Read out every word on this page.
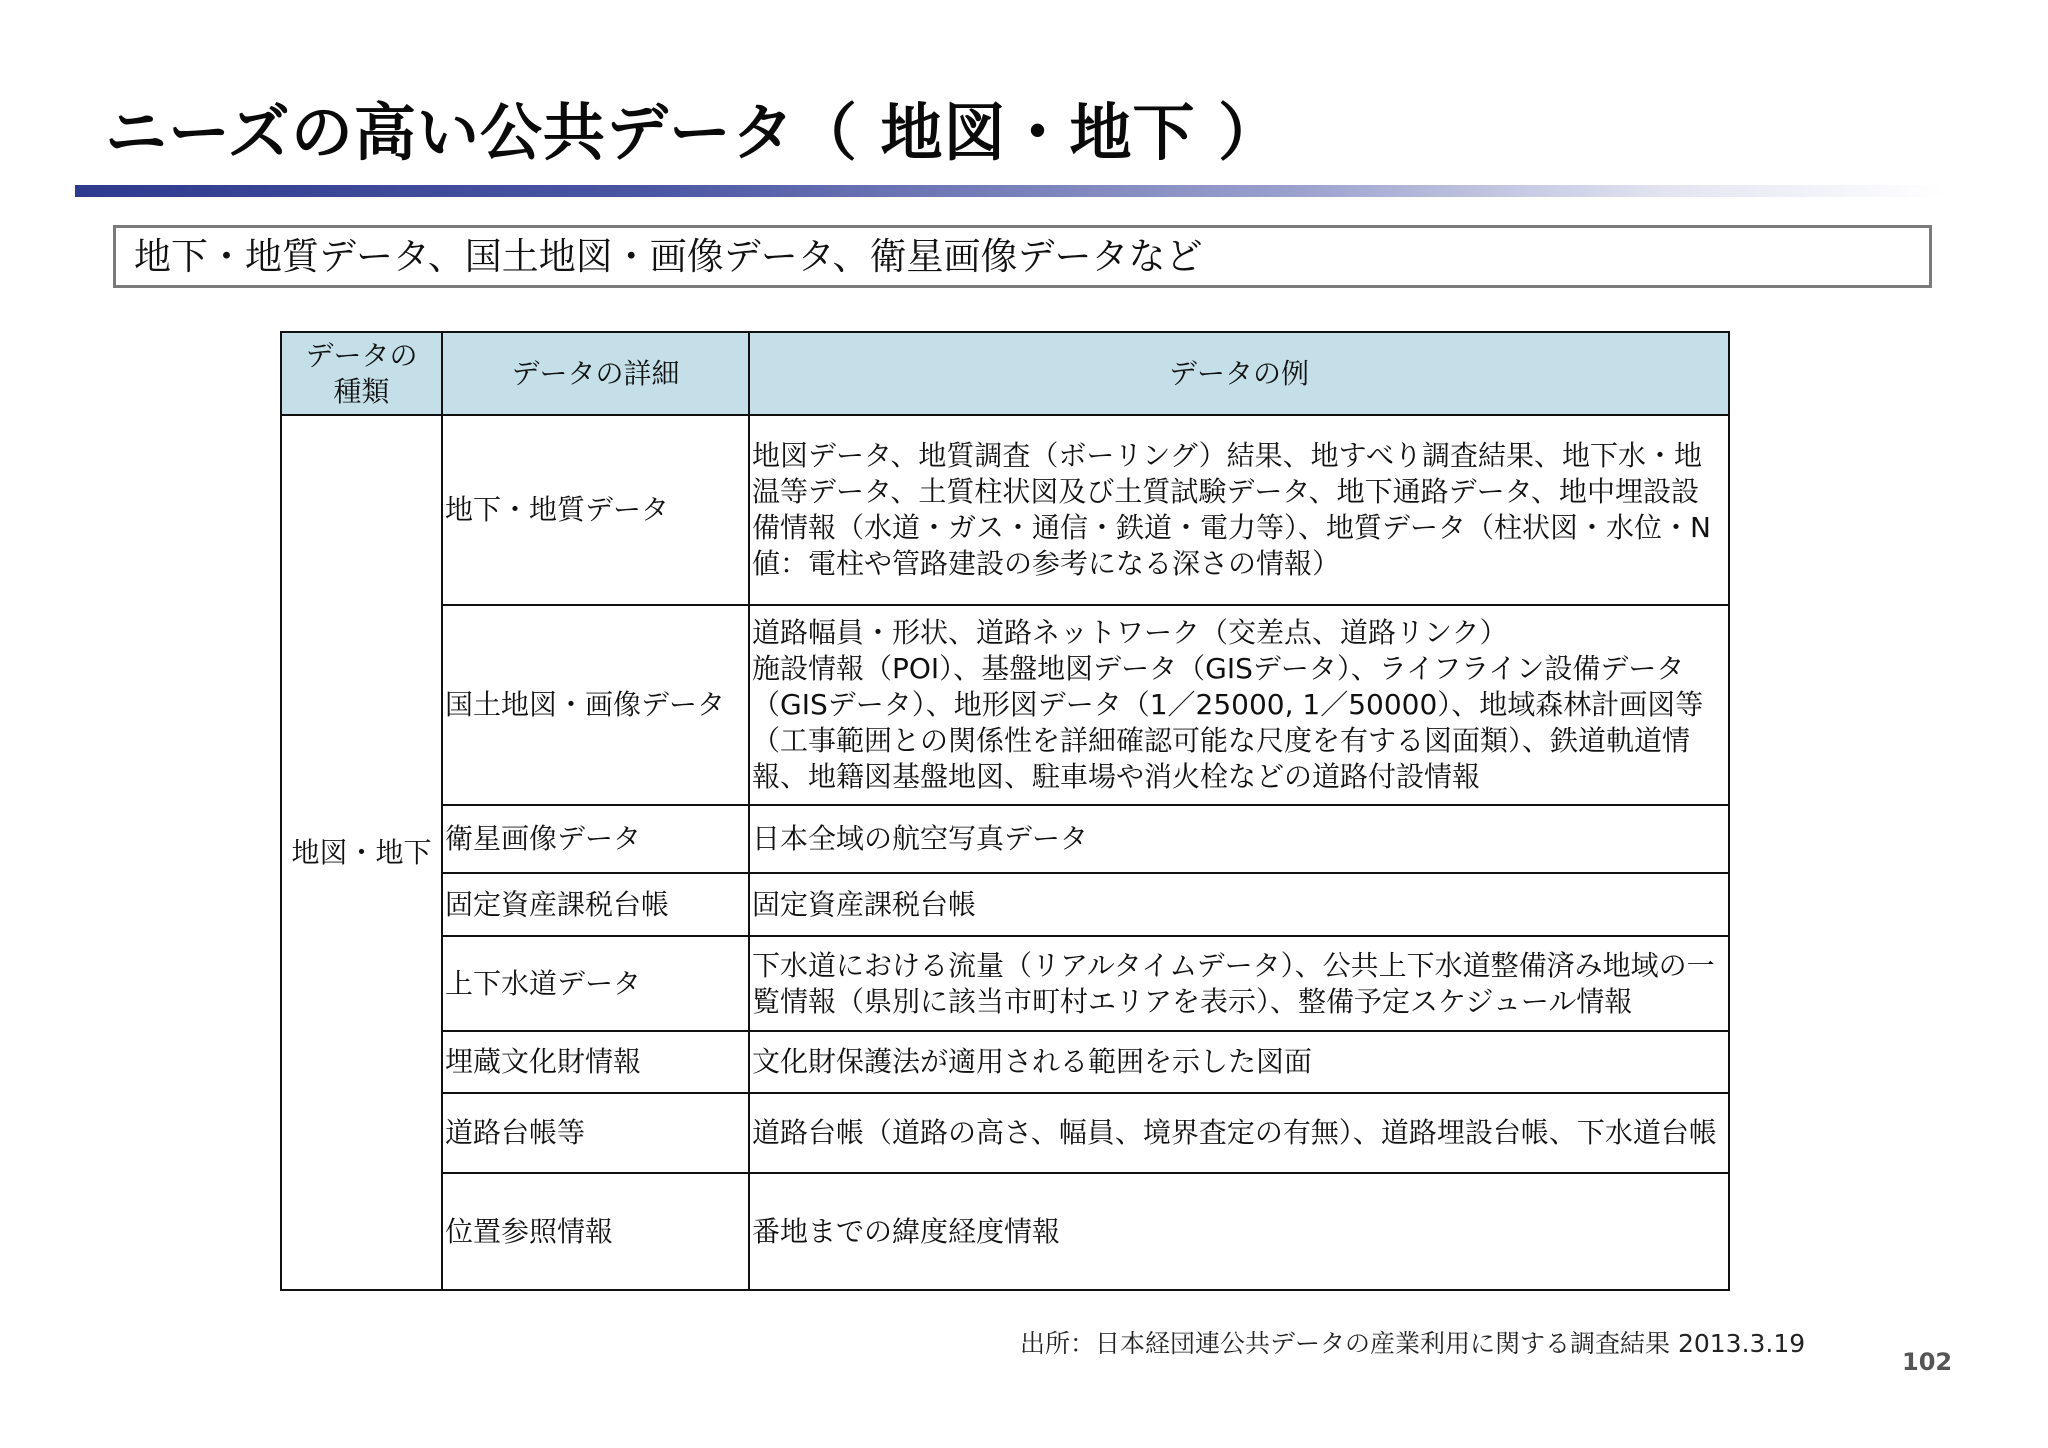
ニーズの高い公共データ（ 地図・地下 ）
地下・地質データ、国土地図・画像データ、衛星画像データなど
データの
種類	データの詳細	データの例
地図・地下	地下・地質データ	地図データ、地質調査（ボーリング）結果、地すべり調査結果、地下水・地温等データ、土質柱状図及び土質試験データ、地下通路データ、地中埋設設備情報（水道・ガス・通信・鉄道・電力等）、地質データ（柱状図・水位・N値：電柱や管路建設の参考になる深さの情報）
	国土地図・画像データ	道路幅員・形状、道路ネットワーク（交差点、道路リンク）
施設情報（POI）、基盤地図データ（GISデータ）、ライフライン設備データ（GISデータ）、地形図データ（1／25000, 1／50000）、地域森林計画図等（工事範囲との関係性を詳細確認可能な尺度を有する図面類）、鉄道軌道情報、地籍図基盤地図、駐車場や消火栓などの道路付設情報
	衛星画像データ	日本全域の航空写真データ
	固定資産課税台帳	固定資産課税台帳
	上下水道データ	下水道における流量（リアルタイムデータ）、公共上下水道整備済み地域の一覧情報（県別に該当市町村エリアを表示）、整備予定スケジュール情報
	埋蔵文化財情報	文化財保護法が適用される範囲を示した図面
	道路台帳等	道路台帳（道路の高さ、幅員、境界査定の有無）、道路埋設台帳、下水道台帳
	位置参照情報	番地までの緯度経度情報
出所：日本経団連公共データの産業利用に関する調査結果 2013.3.19
102
